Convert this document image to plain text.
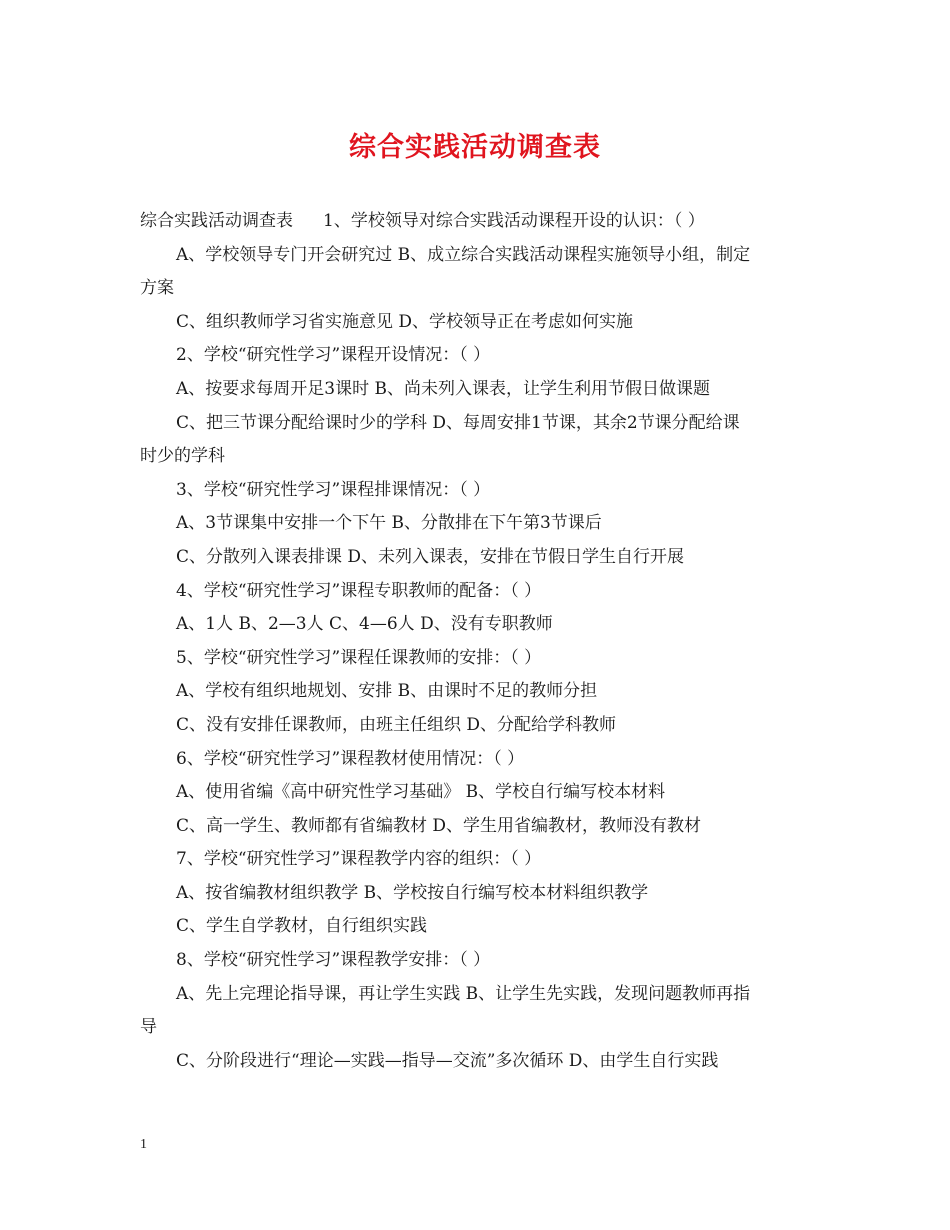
综合实践活动调查表
综合实践活动调查表 1、学校领导对综合实践活动课程开设的认识：（ ）
A、学校领导专门开会研究过 B、成立综合实践活动课程实施领导小组，制定
方案
C、组织教师学习省实施意见 D、学校领导正在考虑如何实施
2、学校“研究性学习”课程开设情况：（ ）
A、按要求每周开足3课时 B、尚未列入课表，让学生利用节假日做课题
C、把三节课分配给课时少的学科 D、每周安排1节课，其余2节课分配给课
时少的学科
3、学校“研究性学习”课程排课情况：（ ）
A、3节课集中安排一个下午 B、分散排在下午第3节课后
C、分散列入课表排课 D、未列入课表，安排在节假日学生自行开展
4、学校“研究性学习”课程专职教师的配备：（ ）
A、1人 B、2—3人 C、4—6人 D、没有专职教师
5、学校“研究性学习”课程任课教师的安排：（ ）
A、学校有组织地规划、安排 B、由课时不足的教师分担
C、没有安排任课教师，由班主任组织 D、分配给学科教师
6、学校“研究性学习”课程教材使用情况：（ ）
A、使用省编《高中研究性学习基础》 B、学校自行编写校本材料
C、高一学生、教师都有省编教材 D、学生用省编教材，教师没有教材
7、学校“研究性学习”课程教学内容的组织：（ ）
A、按省编教材组织教学 B、学校按自行编写校本材料组织教学
C、学生自学教材，自行组织实践
8、学校“研究性学习”课程教学安排：（ ）
A、先上完理论指导课，再让学生实践 B、让学生先实践，发现问题教师再指
导
C、分阶段进行“理论—实践—指导—交流”多次循环 D、由学生自行实践
1
